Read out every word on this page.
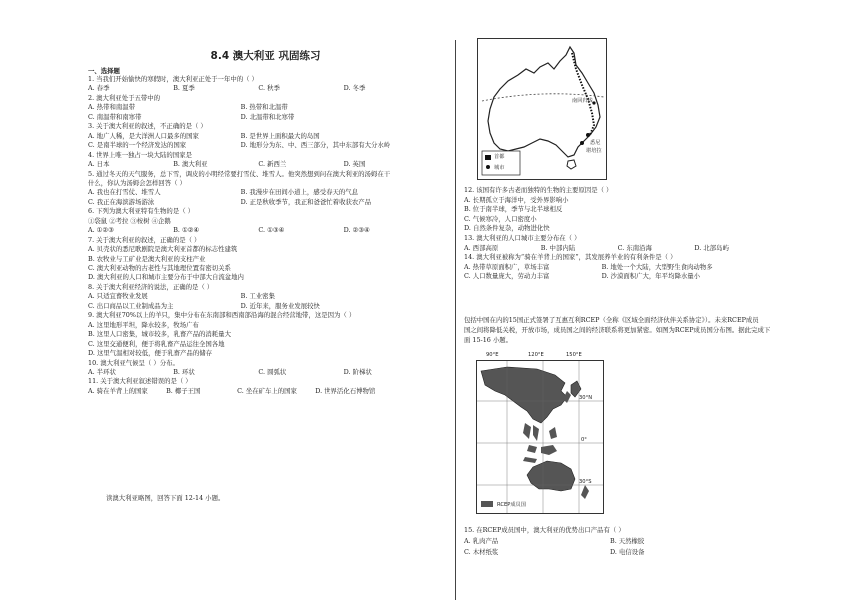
8.4 澳大利亚 巩固练习
一、选择题
1. 当我们开始愉快的寒假时，澳大利亚正处于一年中的（ ）
A. 春季	B. 夏季	C. 秋季	D. 冬季
2. 澳大利亚处于五带中的
A. 热带和南温带	B. 热带和北温带
C. 南温带和南寒带	D. 北温带和北寒带
3. 关于澳大利亚的叙述，不正确的是（ ）
A. 地广人稀，是大洋洲人口最多的国家	B. 是世界上面积最大的岛国
C. 是南半球的一个经济发达的国家	D. 地形分为东、中、西三部分，其中东部有大分水岭
4. 世界上唯一独占一块大陆的国家是
A. 日本	B. 澳大利亚	C. 新西兰	D. 英国
5. 通过冬天的天气服务，总下雪，调皮的小明经常要打雪仗、堆雪人。他突然想到问在澳大利亚的汤姆在干
什么，你认为汤姆会怎样回答（ ）
A. 我也在打雪仗、堆雪人	B. 我漫步在田间小道上，感受春天的气息
C. 我正在海滨游场游泳	D. 正是秋收季节，我正和爸爸忙着收获农产品
6. 下列为澳大利亚特有生物的是（ ）
①袋鼠 ②考拉 ③桉树 ④企鹅
A. ①②③	B. ①②④	C. ①③④	D. ②③④
7. 关于澳大利亚的叙述，正确的是（ ）
A. 贝壳状的悉尼歌剧院是澳大利亚首都的标志性建筑
B. 农牧业与工矿业是澳大利亚的支柱产业
C. 澳大利亚动物的古老性与其地理位置有密切关系
D. 澳大利亚的人口和城市主要分布于中部大自流盆地内
8. 关于澳大利亚经济的说法，正确的是（ ）
A. 只适宜畜牧业发展	B. 工业密集
C. 出口商品以工业制成品为主	D. 近年来，服务业发展较快
9. 澳大利亚70%以上的羊只，集中分布在东南部和西南部沿海的混合经营地带，这是因为（ ）
A. 这里地形平坦，降水较多，牧场广布
B. 这里人口密集，城市较多，乳畜产品的消耗量大
C. 这里交通便利，便于将乳畜产品运往全国各地
D. 这里气温相对较低，便于乳畜产品的储存
10. 澳大利亚气候呈（ ）分布。
A. 半环状	B. 环状	C. 圆弧状	D. 阶梯状
11. 关于澳大利亚叙述错误的是（ ）
A. 骑在羊背上的国家	B. 椰子王国	C. 坐在矿车上的国家	D. 世界活化石博物馆
读澳大利亚略图，回答下面 12-14 小题。
南回归线
悉尼
堪培拉
首都
城市
12. 该国有许多古老而独特的生物的主要原因是（ ）
A. 长期孤立于海洋中，受外界影响小
B. 位于南半球，季节与北半球相反
C. 气候寒冷，人口密度小
D. 自然条件复杂，动物进化快
13. 澳大利亚的人口城市主要分布在（ ）
A. 西部高原	B. 中部内陆	C. 东南沿海	D. 北部岛屿
14. 澳大利亚被称为“骑在羊背上的国家”，其发展养羊业的有利条件是（ ）
A. 热带草原面积广，草场丰富	B. 地处一个大陆，大型野生食肉动物多
C. 人口数量庞大，劳动力丰富	D. 沙漠面积广大，年平均降水量小
包括中国在内的15国正式签署了互惠互利RCEP（全称《区域全面经济伙伴关系协定》）。未来RCEP成员
国之间将降低关税，开放市场，成员国之间的经济联系将更加紧密。如图为RCEP成员国分布图。据此完成下
面 15-16 小题。
30°N
0°
30°S
RCEP成员国
90°E	120°E	150°E
15. 在RCEP成员国中，澳大利亚的优势出口产品有（ ）
A. 乳肉产品	B. 天然橡胶
C. 木材纸浆	D. 电信设备
